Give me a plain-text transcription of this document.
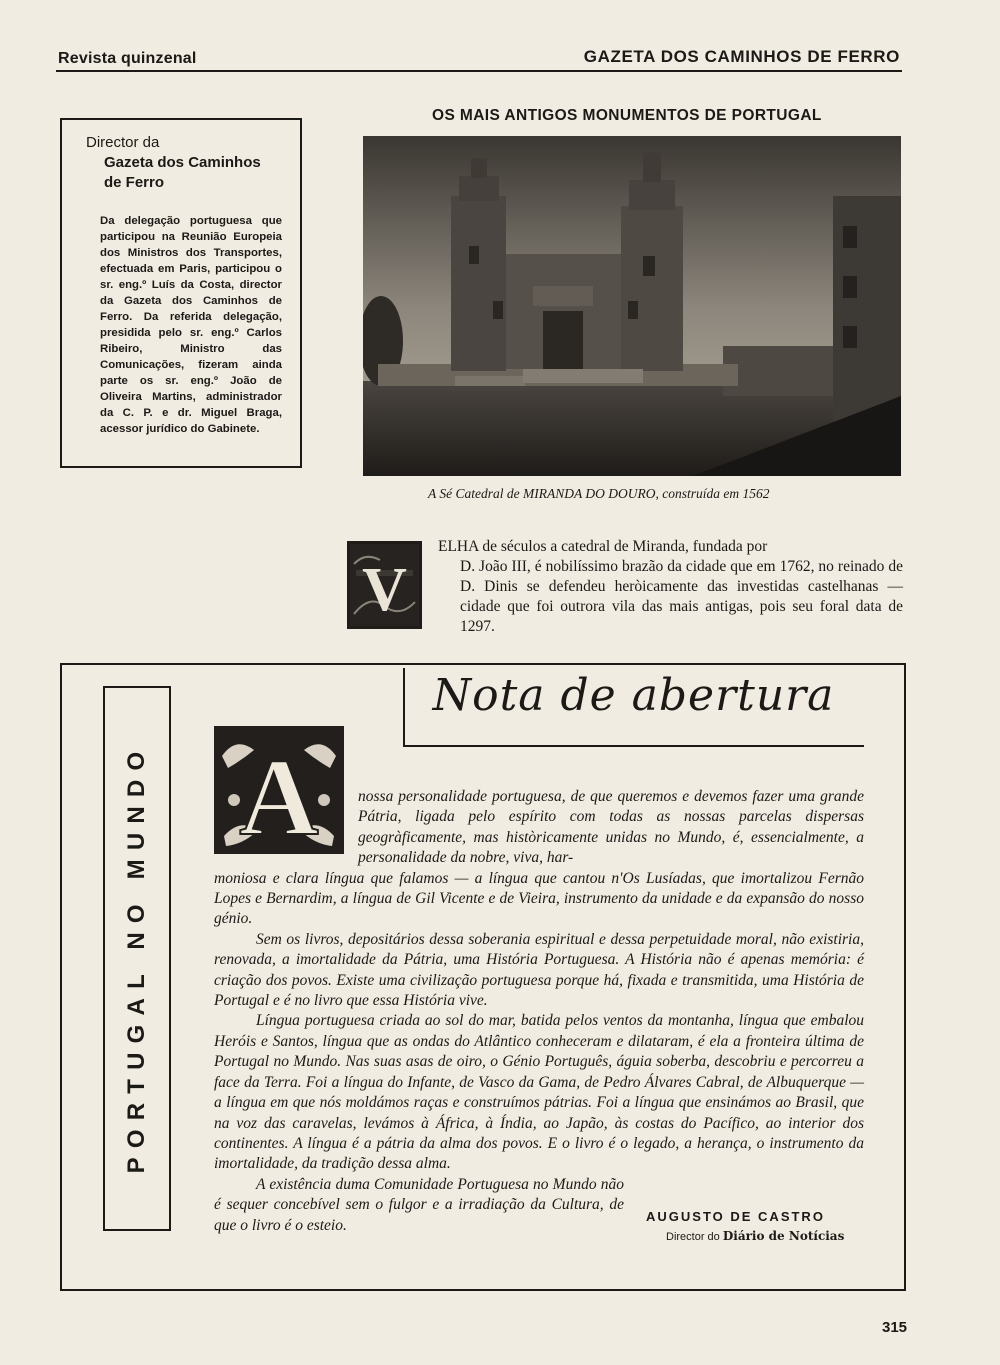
Revista quinzenal	GAZETA DOS CAMINHOS DE FERRO
Director da
Gazeta dos Caminhos
de Ferro
Da delegação portuguesa que participou na Reunião Europeia dos Ministros dos Transportes, efectuada em Paris, participou o sr. eng.º Luís da Costa, director da Gazeta dos Caminhos de Ferro. Da referida delegação, presidida pelo sr. eng.º Carlos Ribeiro, Ministro das Comunicações, fizeram ainda parte os sr. eng.º João de Oliveira Martins, administrador da C. P. e dr. Miguel Braga, acessor jurídico do Gabinete.
OS MAIS ANTIGOS MONUMENTOS DE PORTUGAL
A Sé Catedral de MIRANDA DO DOURO, construída em 1562
V
ELHA de séculos a catedral de Miranda, fundada por
D. João III, é nobilíssimo brazão da cidade que em 1762, no reinado de D. Dinis se defendeu heròicamente das investidas castelhanas — cidade que foi outrora vila das mais antigas, pois seu foral data de 1297.
PORTUGAL NO MUNDO
Nota de abertura
A	nossa personalidade portuguesa, de que queremos e devemos fazer uma grande Pátria, ligada pelo espírito com todas as nossas parcelas dispersas geogràficamente, mas històricamente unidas no Mundo, é, essencialmente, a personalidade da nobre, viva, har-

moniosa e clara língua que falamos — a língua que cantou n'Os Lusíadas, que imortalizou Fernão Lopes e Bernardim, a língua de Gil Vicente e de Vieira, instrumento da unidade e da expansão do nosso génio.

Sem os livros, depositários dessa soberania espiritual e dessa perpetuidade moral, não existiria, renovada, a imortalidade da Pátria, uma História Portuguesa. A História não é apenas memória: é criação dos povos. Existe uma civilização portuguesa porque há, fixada e transmitida, uma História de Portugal e é no livro que essa História vive.

Língua portuguesa criada ao sol do mar, batida pelos ventos da montanha, língua que embalou Heróis e Santos, língua que as ondas do Atlântico conheceram e dilataram, é ela a fronteira última de Portugal no Mundo. Nas suas asas de oiro, o Génio Português, águia soberba, descobriu e percorreu a face da Terra. Foi a língua do Infante, de Vasco da Gama, de Pedro Álvares Cabral, de Albuquerque — a língua em que nós moldámos raças e construímos pátrias. Foi a língua que ensinámos ao Brasil, que na voz das caravelas, levámos à África, à Índia, ao Japão, às costas do Pacífico, ao interior dos continentes. A língua é a pátria da alma dos povos. E o livro é o legado, a herança, o instrumento da imortalidade, da tradição dessa alma.

A existência duma Comunidade Portuguesa no Mundo não é sequer concebível sem o fulgor e a irradiação da Cultura, de que o livro é o esteio.

AUGUSTO DE CASTRO
Director do Diário de Notícias
315
